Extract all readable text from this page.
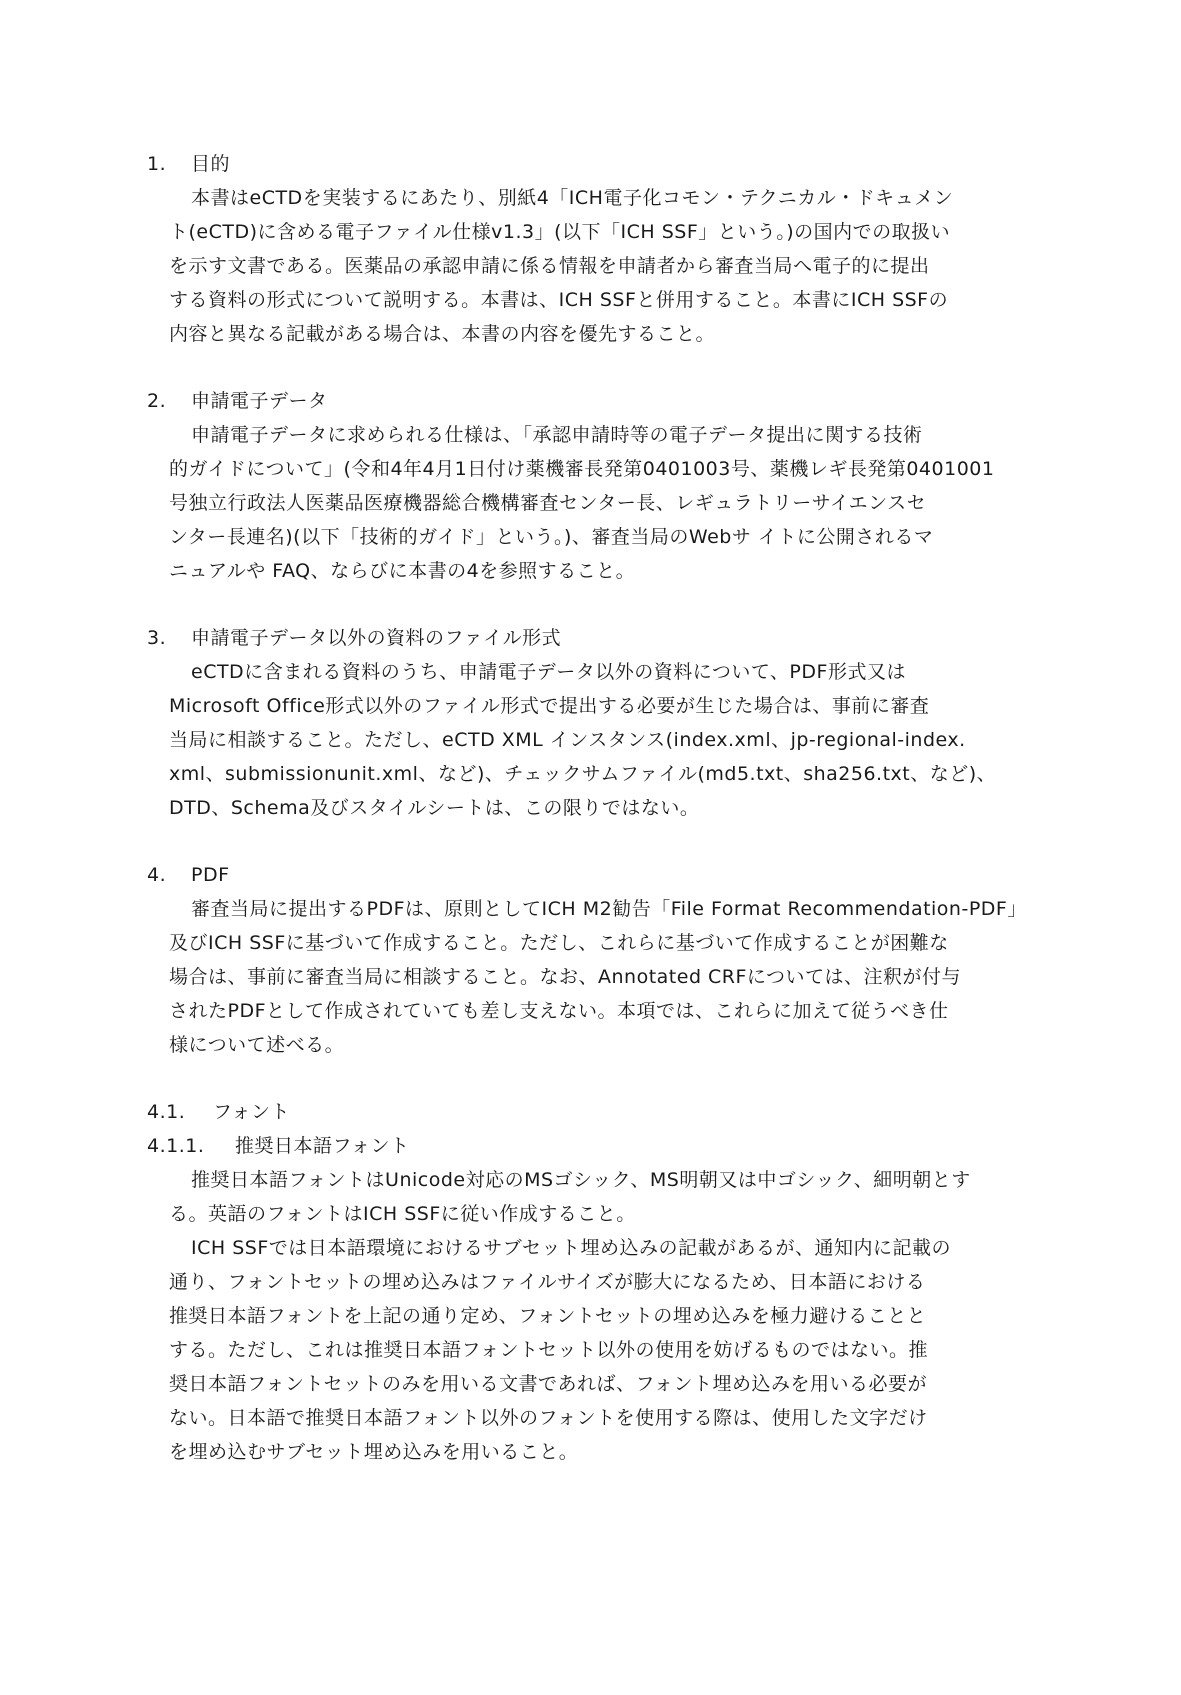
1. 目的
本書はeCTDを実装するにあたり、別紙4「ICH電子化コモン・テクニカル・ドキュメン
ト(eCTD)に含める電子ファイル仕様v1.3」(以下「ICH SSF」という。)の国内での取扱い
を示す文書である。医薬品の承認申請に係る情報を申請者から審査当局へ電子的に提出
する資料の形式について説明する。本書は、ICH SSFと併用すること。本書にICH SSFの
内容と異なる記載がある場合は、本書の内容を優先すること。
2. 申請電子データ
申請電子データに求められる仕様は、「承認申請時等の電子データ提出に関する技術
的ガイドについて」(令和4年4月1日付け薬機審長発第0401003号、薬機レギ長発第0401001
号独立行政法人医薬品医療機器総合機構審査センター長、レギュラトリーサイエンスセ
ンター長連名)(以下「技術的ガイド」という。)、審査当局のWebサ イトに公開されるマ
ニュアルや FAQ、ならびに本書の4を参照すること。
3. 申請電子データ以外の資料のファイル形式
eCTDに含まれる資料のうち、申請電子データ以外の資料について、PDF形式又は
Microsoft Office形式以外のファイル形式で提出する必要が生じた場合は、事前に審査
当局に相談すること。ただし、eCTD XML インスタンス(index.xml、jp-regional-index.
xml、submissionunit.xml、など)、チェックサムファイル(md5.txt、sha256.txt、など)、
DTD、Schema及びスタイルシートは、この限りではない。
4. PDF
審査当局に提出するPDFは、原則としてICH M2勧告「File Format Recommendation-PDF」
及びICH SSFに基づいて作成すること。ただし、これらに基づいて作成することが困難な
場合は、事前に審査当局に相談すること。なお、Annotated CRFについては、注釈が付与
されたPDFとして作成されていても差し支えない。本項では、これらに加えて従うべき仕
様について述べる。
4.1. フォント
4.1.1. 推奨日本語フォント
推奨日本語フォントはUnicode対応のMSゴシック、MS明朝又は中ゴシック、細明朝とす
る。英語のフォントはICH SSFに従い作成すること。
ICH SSFでは日本語環境におけるサブセット埋め込みの記載があるが、通知内に記載の
通り、フォントセットの埋め込みはファイルサイズが膨大になるため、日本語における
推奨日本語フォントを上記の通り定め、フォントセットの埋め込みを極力避けることと
する。ただし、これは推奨日本語フォントセット以外の使用を妨げるものではない。推
奨日本語フォントセットのみを用いる文書であれば、フォント埋め込みを用いる必要が
ない。日本語で推奨日本語フォント以外のフォントを使用する際は、使用した文字だけ
を埋め込むサブセット埋め込みを用いること。
